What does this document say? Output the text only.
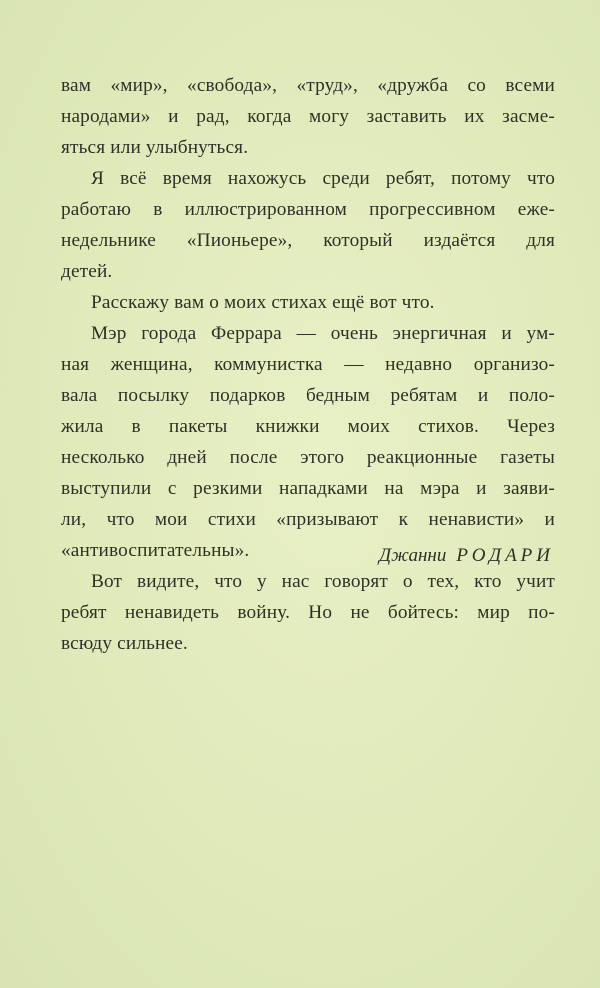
вам «мир», «свобода», «труд», «дружба со всеми
народами» и рад, когда могу заставить их засме-
яться или улыбнуться.
Я всё время нахожусь среди ребят, потому что
работаю в иллюстрированном прогрессивном еже-
недельнике «Пионьере», который издаётся для
детей.
Расскажу вам о моих стихах ещё вот что.
Мэр города Феррара — очень энергичная и ум-
ная женщина, коммунистка — недавно организо-
вала посылку подарков бедным ребятам и поло-
жила в пакеты книжки моих стихов. Через
несколько дней после этого реакционные газеты
выступили с резкими нападками на мэра и заяви-
ли, что мои стихи «призывают к ненависти» и
«антивоспитательны».
Вот видите, что у нас говорят о тех, кто учит
ребят ненавидеть войну. Но не бойтесь: мир по-
всюду сильнее.
Джанни РОДАРИ
